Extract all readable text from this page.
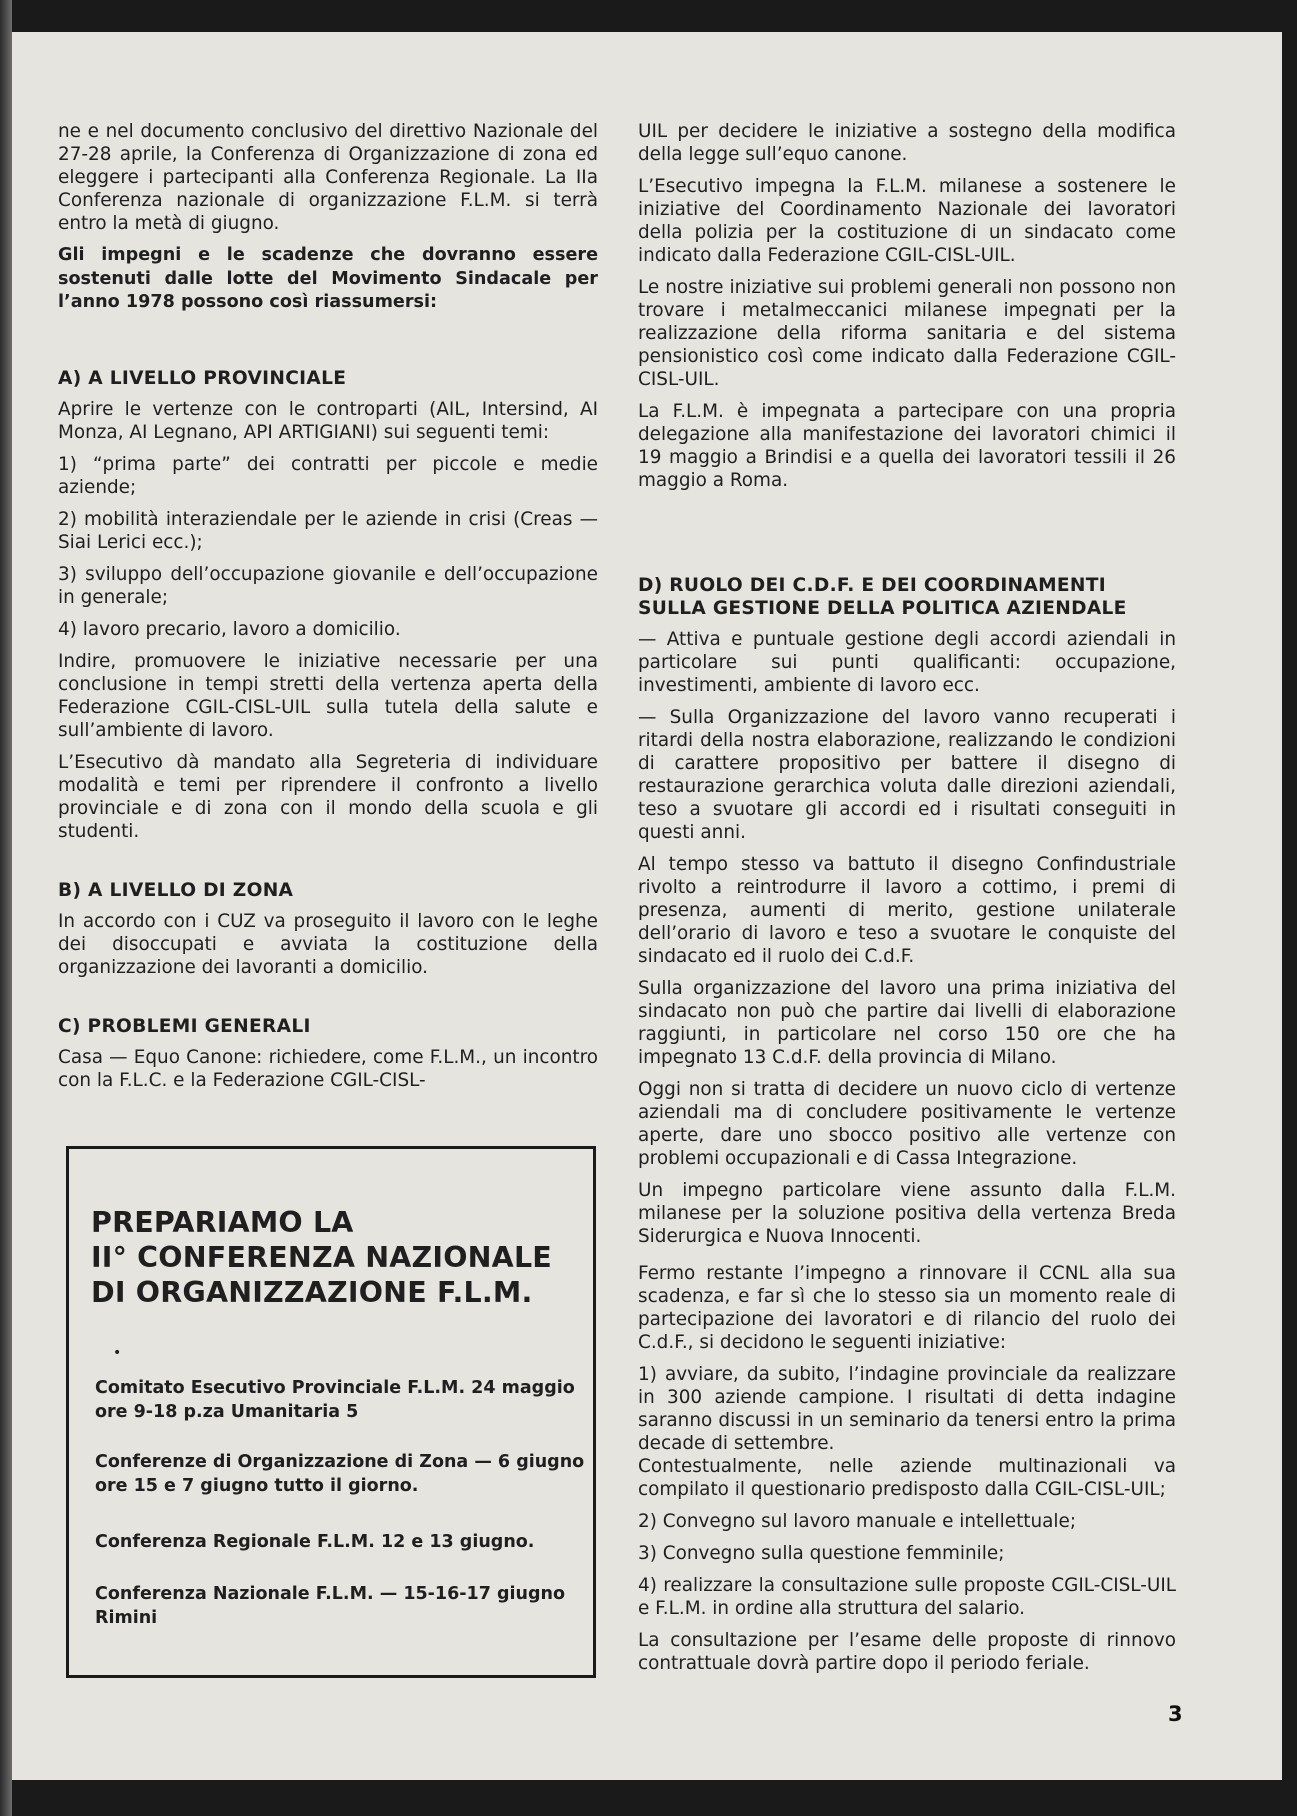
ne e nel documento conclusivo del direttivo Nazionale del 27-28 aprile, la Conferenza di Organizzazione di zona ed eleggere i partecipanti alla Conferenza Regionale. La IIa Conferenza nazionale di organizzazione F.L.M. si terrà entro la metà di giugno.

Gli impegni e le scadenze che dovranno essere sostenuti dalle lotte del Movimento Sindacale per l’anno 1978 possono così riassumersi:

A) A LIVELLO PROVINCIALE

Aprire le vertenze con le controparti (AIL, Intersind, AI Monza, AI Legnano, API ARTIGIANI) sui seguenti temi:

1) “prima parte” dei contratti per piccole e medie aziende;

2) mobilità interaziendale per le aziende in crisi (Creas — Siai Lerici ecc.);

3) sviluppo dell’occupazione giovanile e dell’occupazione in generale;

4) lavoro precario, lavoro a domicilio.

Indire, promuovere le iniziative necessarie per una conclusione in tempi stretti della vertenza aperta della Federazione CGIL-CISL-UIL sulla tutela della salute e sull’ambiente di lavoro.

L’Esecutivo dà mandato alla Segreteria di individuare modalità e temi per riprendere il confronto a livello provinciale e di zona con il mondo della scuola e gli studenti.

B) A LIVELLO DI ZONA

In accordo con i CUZ va proseguito il lavoro con le leghe dei disoccupati e avviata la costituzione della organizzazione dei lavoranti a domicilio.

C) PROBLEMI GENERALI

Casa — Equo Canone: richiedere, come F.L.M., un incontro con la F.L.C. e la Federazione CGIL-CISL-

PREPARIAMO LA
II° CONFERENZA NAZIONALE
DI ORGANIZZAZIONE F.L.M.
•
Comitato Esecutivo Provinciale F.L.M. 24 maggio ore 9-18 p.za Umanitaria 5
Conferenze di Organizzazione di Zona — 6 giugno ore 15 e 7 giugno tutto il giorno.
Conferenza Regionale F.L.M. 12 e 13 giugno.
Conferenza Nazionale F.L.M. — 15-16-17 giugno Rimini

UIL per decidere le iniziative a sostegno della modifica della legge sull’equo canone.

L’Esecutivo impegna la F.L.M. milanese a sostenere le iniziative del Coordinamento Nazionale dei lavoratori della polizia per la costituzione di un sindacato come indicato dalla Federazione CGIL-CISL-UIL.

Le nostre iniziative sui problemi generali non possono non trovare i metalmeccanici milanese impegnati per la realizzazione della riforma sanitaria e del sistema pensionistico così come indicato dalla Federazione CGIL-CISL-UIL.

La F.L.M. è impegnata a partecipare con una propria delegazione alla manifestazione dei lavoratori chimici il 19 maggio a Brindisi e a quella dei lavoratori tessili il 26 maggio a Roma.

D) RUOLO DEI C.D.F. E DEI COORDINAMENTI
SULLA GESTIONE DELLA POLITICA AZIENDALE

— Attiva e puntuale gestione degli accordi aziendali in particolare sui punti qualificanti: occupazione, investimenti, ambiente di lavoro ecc.

— Sulla Organizzazione del lavoro vanno recuperati i ritardi della nostra elaborazione, realizzando le condizioni di carattere propositivo per battere il disegno di restaurazione gerarchica voluta dalle direzioni aziendali, teso a svuotare gli accordi ed i risultati conseguiti in questi anni.

Al tempo stesso va battuto il disegno Confindustriale rivolto a reintrodurre il lavoro a cottimo, i premi di presenza, aumenti di merito, gestione unilaterale dell’orario di lavoro e teso a svuotare le conquiste del sindacato ed il ruolo dei C.d.F.

Sulla organizzazione del lavoro una prima iniziativa del sindacato non può che partire dai livelli di elaborazione raggiunti, in particolare nel corso 150 ore che ha impegnato 13 C.d.F. della provincia di Milano.

Oggi non si tratta di decidere un nuovo ciclo di vertenze aziendali ma di concludere positivamente le vertenze aperte, dare uno sbocco positivo alle vertenze con problemi occupazionali e di Cassa Integrazione.

Un impegno particolare viene assunto dalla F.L.M. milanese per la soluzione positiva della vertenza Breda Siderurgica e Nuova Innocenti.

Fermo restante l’impegno a rinnovare il CCNL alla sua scadenza, e far sì che lo stesso sia un momento reale di partecipazione dei lavoratori e di rilancio del ruolo dei C.d.F., si decidono le seguenti iniziative:

1) avviare, da subito, l’indagine provinciale da realizzare in 300 aziende campione. I risultati di detta indagine saranno discussi in un seminario da tenersi entro la prima decade di settembre.

Contestualmente, nelle aziende multinazionali va compilato il questionario predisposto dalla CGIL-CISL-UIL;

2) Convegno sul lavoro manuale e intellettuale;

3) Convegno sulla questione femminile;

4) realizzare la consultazione sulle proposte CGIL-CISL-UIL e F.L.M. in ordine alla struttura del salario.

La consultazione per l’esame delle proposte di rinnovo contrattuale dovrà partire dopo il periodo feriale.

3
